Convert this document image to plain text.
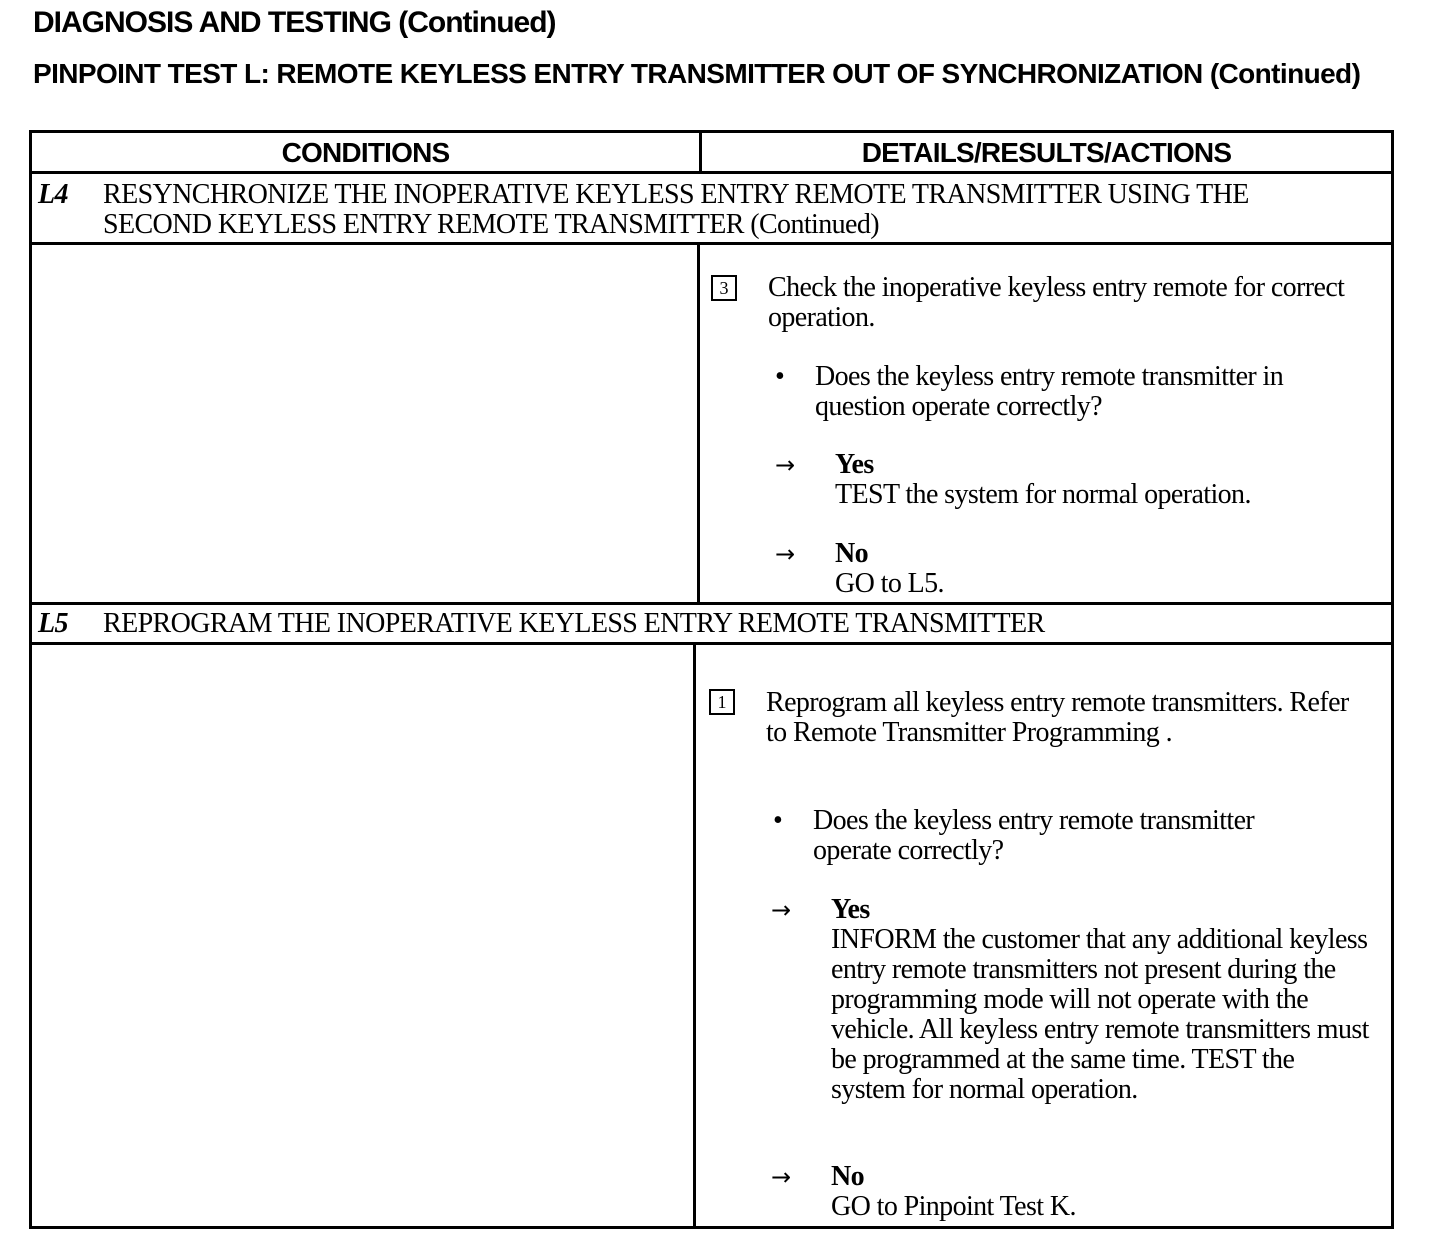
DIAGNOSIS AND TESTING (Continued)
PINPOINT TEST L: REMOTE KEYLESS ENTRY TRANSMITTER OUT OF SYNCHRONIZATION (Continued)
CONDITIONS	DETAILS/RESULTS/ACTIONS
L4 RESYNCHRONIZE THE INOPERATIVE KEYLESS ENTRY REMOTE TRANSMITTER USING THE SECOND KEYLESS ENTRY REMOTE TRANSMITTER (Continued)
3	Check the inoperative keyless entry remote for correct operation.
• Does the keyless entry remote transmitter in question operate correctly?
→ Yes
TEST the system for normal operation.
→ No
GO to L5.
L5 REPROGRAM THE INOPERATIVE KEYLESS ENTRY REMOTE TRANSMITTER
1	Reprogram all keyless entry remote transmitters. Refer to Remote Transmitter Programming .
• Does the keyless entry remote transmitter operate correctly?
→ Yes
INFORM the customer that any additional keyless entry remote transmitters not present during the programming mode will not operate with the vehicle. All keyless entry remote transmitters must be programmed at the same time. TEST the system for normal operation.
→ No
GO to Pinpoint Test K.
